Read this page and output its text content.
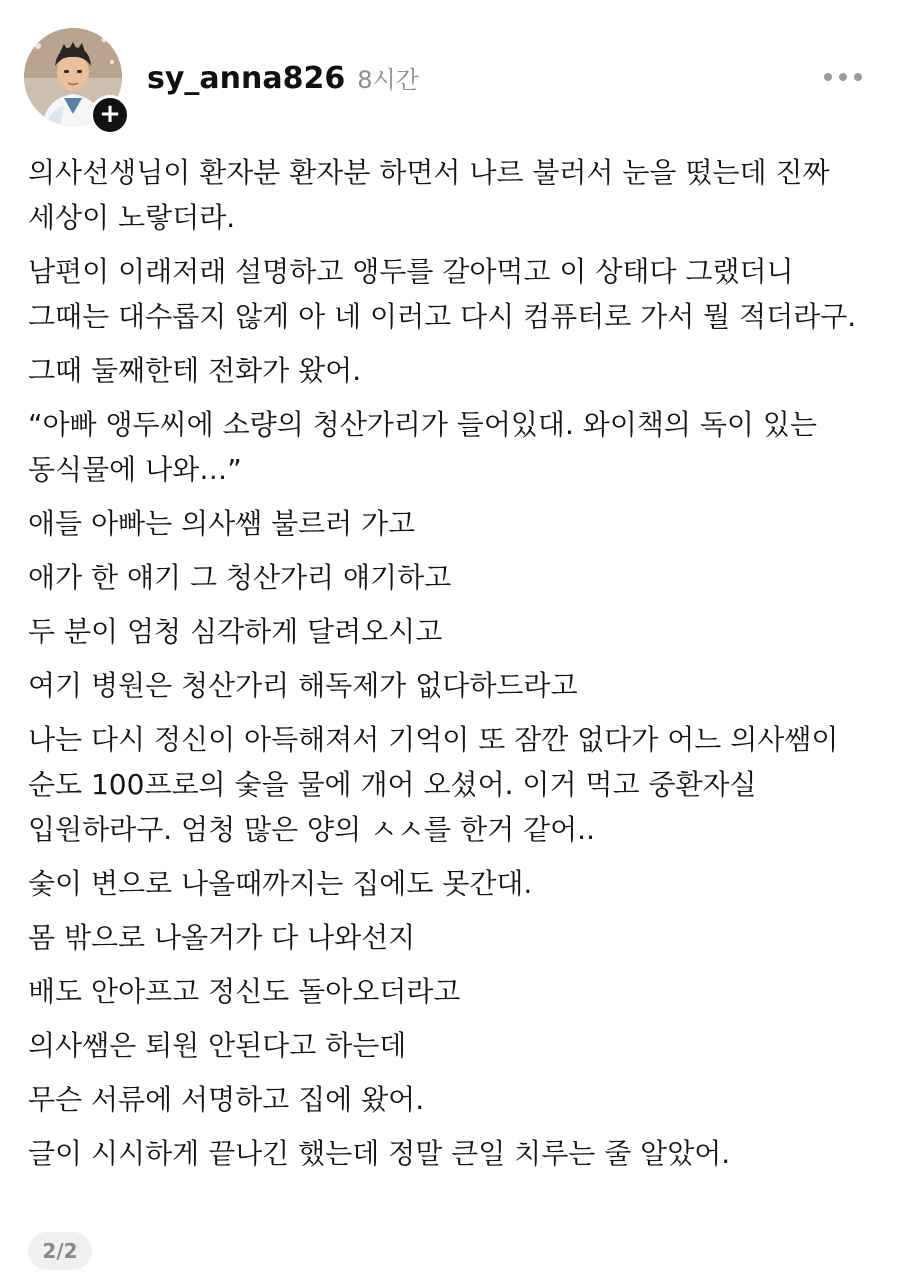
+
sy_anna826 8시간

의사선생님이 환자분 환자분 하면서 나르 불러서 눈을 떴는데 진짜 세상이 노랗더라.

남편이 이래저래 설명하고 앵두를 갈아먹고 이 상태다 그랬더니 그때는 대수롭지 않게 아 네 이러고 다시 컴퓨터로 가서 뭘 적더라구.

그때 둘째한테 전화가 왔어.

“아빠 앵두씨에 소량의 청산가리가 들어있대. 와이책의 독이 있는 동식물에 나와…”

애들 아빠는 의사쌤 불르러 가고

애가 한 얘기 그 청산가리 얘기하고

두 분이 엄청 심각하게 달려오시고

여기 병원은 청산가리 해독제가 없다하드라고

나는 다시 정신이 아득해져서 기억이 또 잠깐 없다가 어느 의사쌤이 순도 100프로의 숯을 물에 개어 오셨어. 이거 먹고 중환자실 입원하라구. 엄청 많은 양의 ㅅㅅ를 한거 같어..

숯이 변으로 나올때까지는 집에도 못간대.

몸 밖으로 나올거가 다 나와선지

배도 안아프고 정신도 돌아오더라고

의사쌤은 퇴원 안된다고 하는데

무슨 서류에 서명하고 집에 왔어.

글이 시시하게 끝나긴 했는데 정말 큰일 치루는 줄 알았어.

2/2
